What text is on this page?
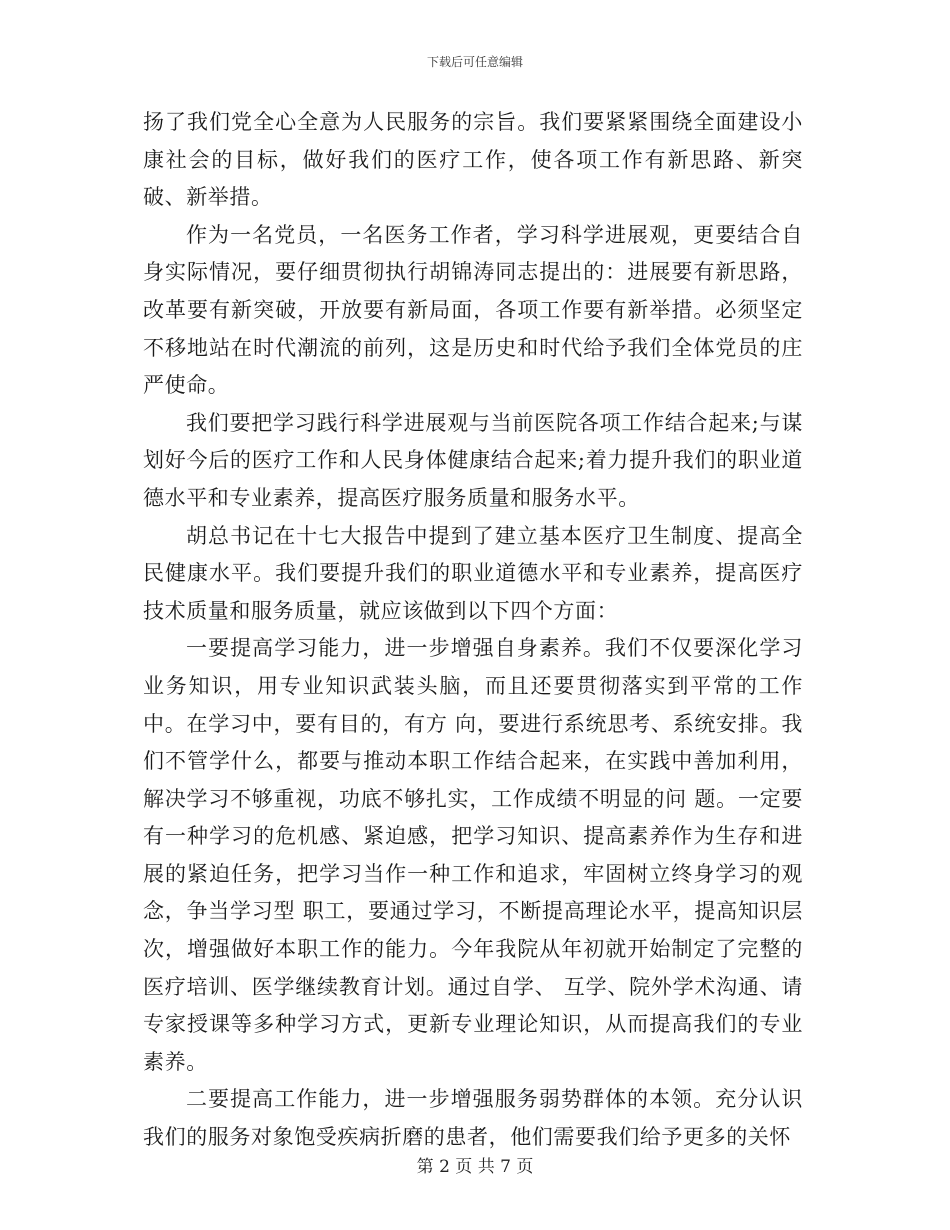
下载后可任意编辑

扬了我们党全心全意为人民服务的宗旨。我们要紧紧围绕全面建设小康社会的目标，做好我们的医疗工作，使各项工作有新思路、新突破、新举措。

作为一名党员，一名医务工作者，学习科学进展观，更要结合自身实际情况，要仔细贯彻执行胡锦涛同志提出的：进展要有新思路，改革要有新突破，开放要有新局面，各项工作要有新举措。必须坚定不移地站在时代潮流的前列，这是历史和时代给予我们全体党员的庄严使命。

我们要把学习践行科学进展观与当前医院各项工作结合起来;与谋划好今后的医疗工作和人民身体健康结合起来;着力提升我们的职业道德水平和专业素养，提高医疗服务质量和服务水平。

胡总书记在十七大报告中提到了建立基本医疗卫生制度、提高全民健康水平。我们要提升我们的职业道德水平和专业素养，提高医疗技术质量和服务质量，就应该做到以下四个方面：

一要提高学习能力，进一步增强自身素养。我们不仅要深化学习业务知识，用专业知识武装头脑，而且还要贯彻落实到平常的工作中。在学习中，要有目的，有方 向，要进行系统思考、系统安排。我们不管学什么，都要与推动本职工作结合起来，在实践中善加利用，解决学习不够重视，功底不够扎实，工作成绩不明显的问 题。一定要有一种学习的危机感、紧迫感，把学习知识、提高素养作为生存和进展的紧迫任务，把学习当作一种工作和追求，牢固树立终身学习的观念，争当学习型 职工，要通过学习，不断提高理论水平，提高知识层次，增强做好本职工作的能力。今年我院从年初就开始制定了完整的医疗培训、医学继续教育计划。通过自学、 互学、院外学术沟通、请专家授课等多种学习方式，更新专业理论知识，从而提高我们的专业素养。

二要提高工作能力，进一步增强服务弱势群体的本领。充分认识我们的服务对象饱受疾病折磨的患者，他们需要我们给予更多的关怀

第 2 页 共 7 页
